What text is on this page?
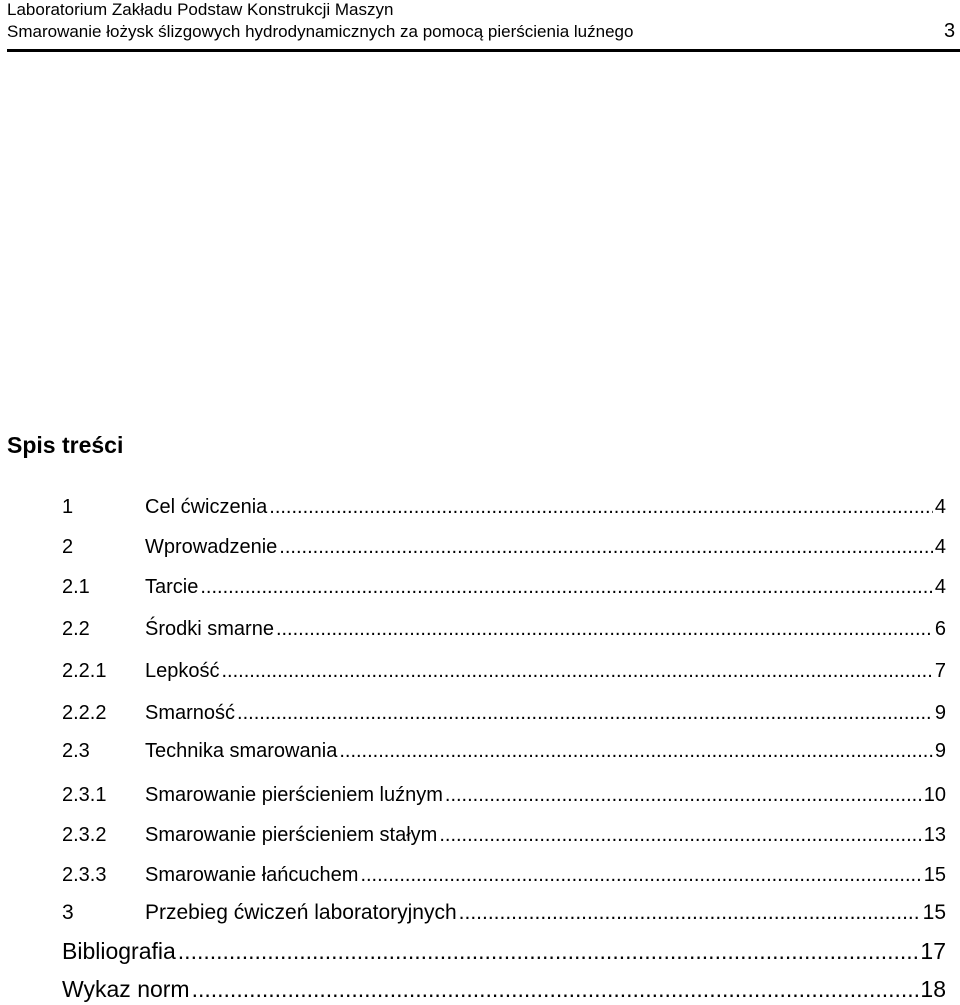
Laboratorium Zakładu Podstaw Konstrukcji Maszyn
Smarowanie łożysk ślizgowych hydrodynamicznych za pomocą pierścienia luźnego	3
Spis treści
1	Cel ćwiczenia .....	4
2	Wprowadzenie .....	4
2.1	Tarcie .....	4
2.2	Środki smarne .....	6
2.2.1 Lepkość .....	7
2.2.2 Smarność .....	9
2.3	Technika smarowania .....	9
2.3.1 Smarowanie pierścieniem luźnym .....	10
2.3.2 Smarowanie pierścieniem stałym .....	13
2.3.3 Smarowanie łańcuchem .....	15
3	Przebieg ćwiczeń laboratoryjnych .....	15
Bibliografia .....	17
Wykaz norm .....	18
